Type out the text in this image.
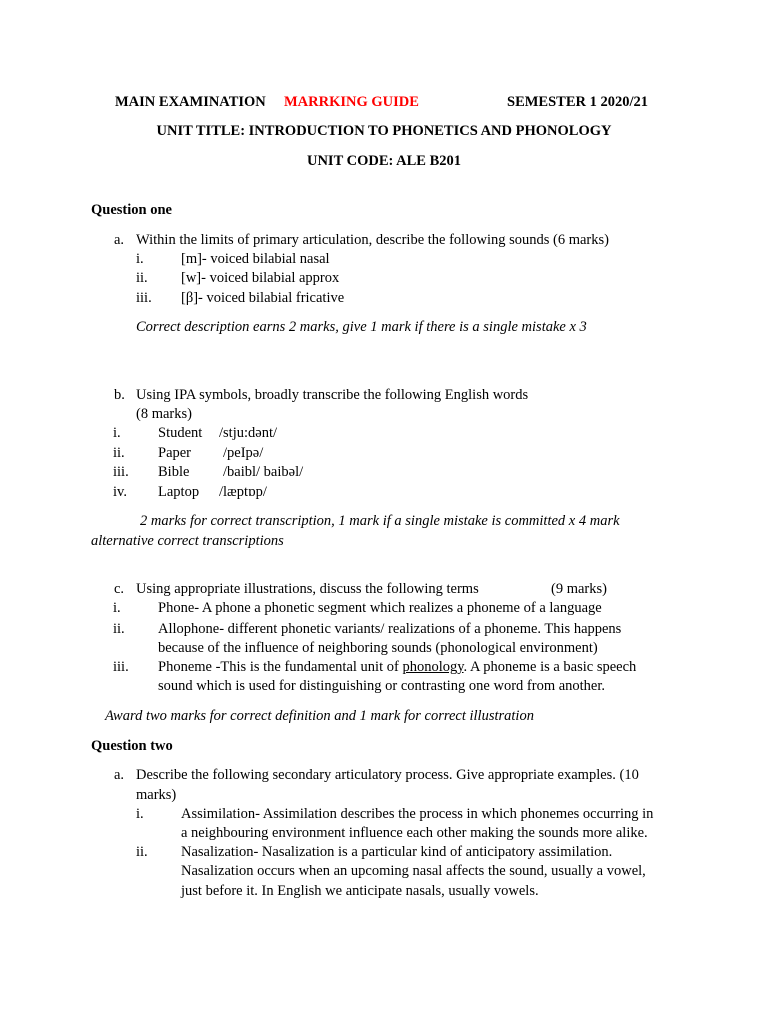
MAIN EXAMINATION MARRKING GUIDE	SEMESTER 1 2020/21
UNIT TITLE: INTRODUCTION TO PHONETICS AND PHONOLOGY
UNIT CODE: ALE B201
Question one
a. Within the limits of primary articulation, describe the following sounds (6 marks)
i.	[m]- voiced bilabial nasal
ii. [w]- voiced bilabial approx
iii. [β]- voiced bilabial fricative
Correct description earns 2 marks, give 1 mark if there is a single mistake x 3
b. Using IPA symbols, broadly transcribe the following English words
(8 marks)
i.	Student /stju:dənt/
ii. Paper /peIpə/
iii. Bible /baibl/ baibəl/
iv. Laptop /læptɒp/
2 marks for correct transcription, 1 mark if a single mistake is committed x 4 mark
alternative correct transcriptions
c. Using appropriate illustrations, discuss the following terms	(9 marks)
i.	Phone- A phone a phonetic segment which realizes a phoneme of a language
ii. Allophone- different phonetic variants/ realizations of a phoneme. This happens
because of the influence of neighboring sounds (phonological environment)
iii. Phoneme -This is the fundamental unit of phonology. A phoneme is a basic speech
sound which is used for distinguishing or contrasting one word from another.
Award two marks for correct definition and 1 mark for correct illustration
Question two
a. Describe the following secondary articulatory process. Give appropriate examples. (10
marks)
i.	Assimilation- Assimilation describes the process in which phonemes occurring in
a neighbouring environment influence each other making the sounds more alike.
ii. Nasalization- Nasalization is a particular kind of anticipatory assimilation.
Nasalization occurs when an upcoming nasal affects the sound, usually a vowel,
just before it. In English we anticipate nasals, usually vowels.
